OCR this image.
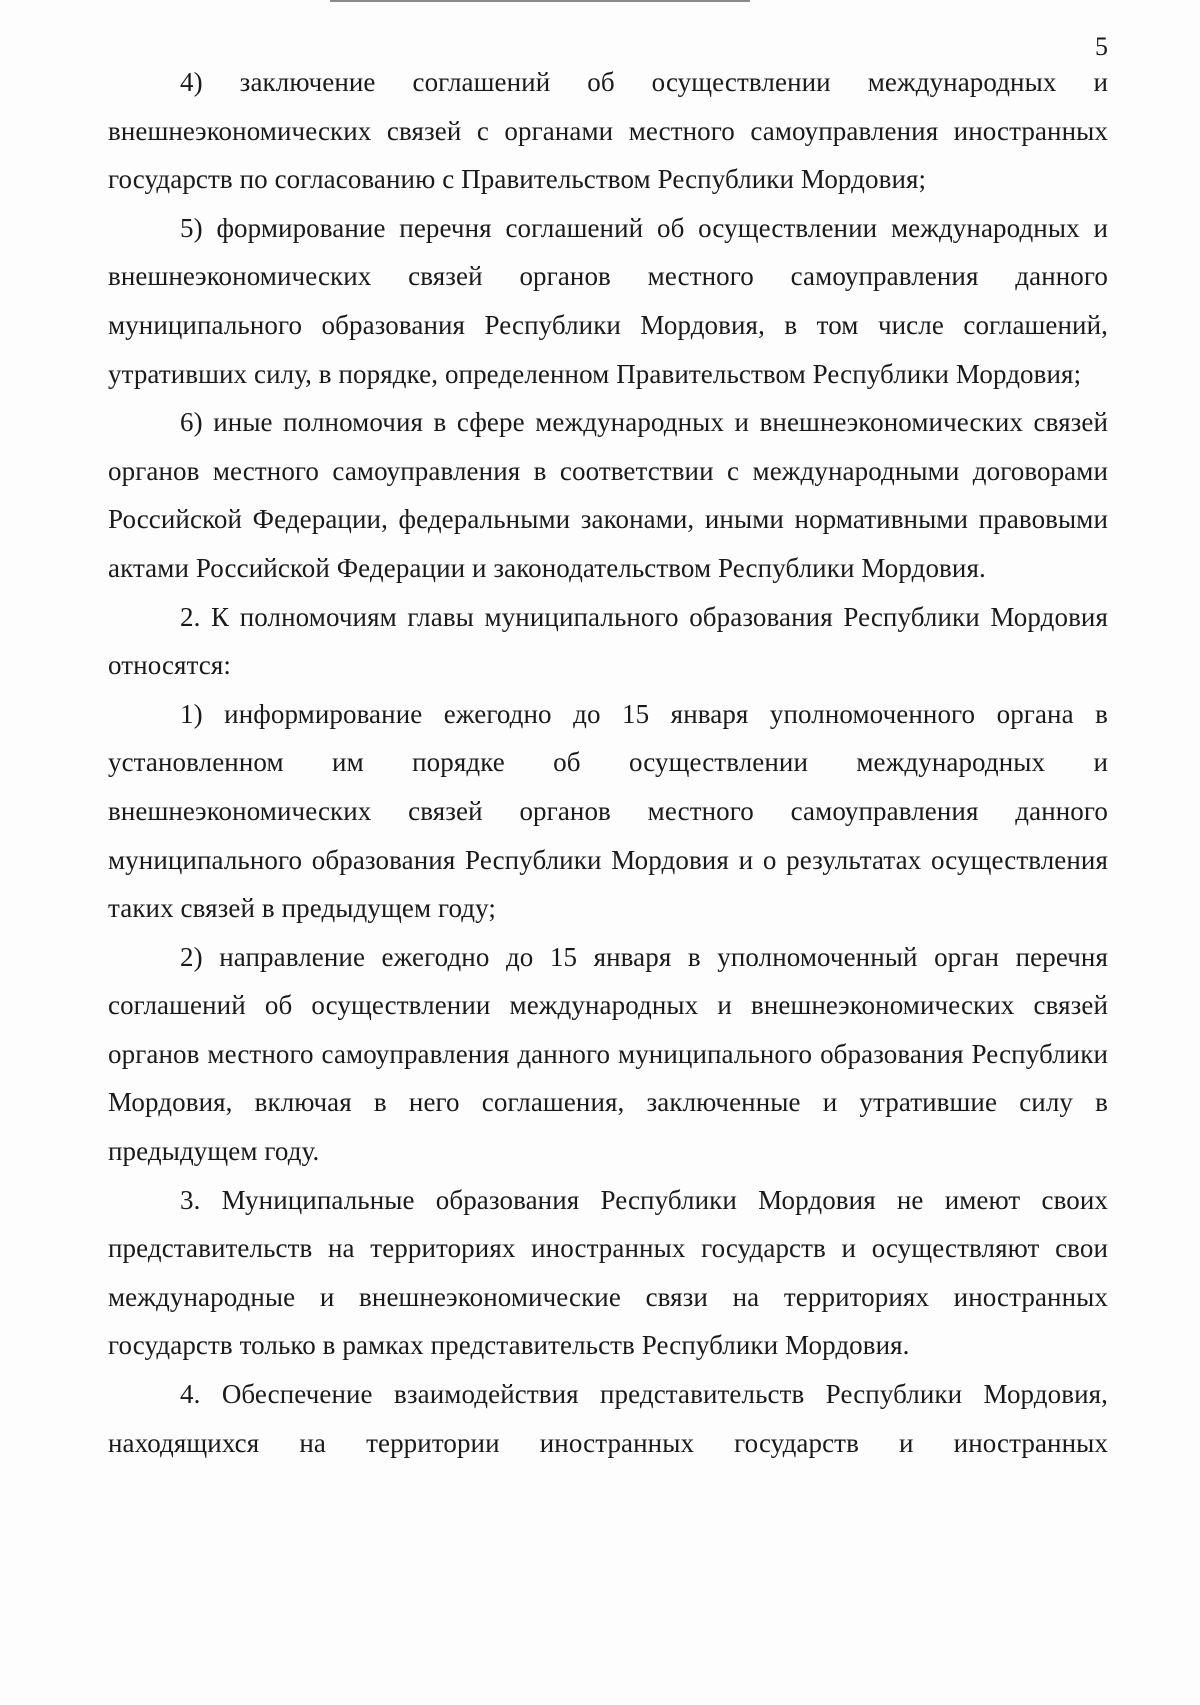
5

4) заключение соглашений об осуществлении международных и внешнеэкономических связей с органами местного самоуправления иностранных государств по согласованию с Правительством Республики Мордовия;

5) формирование перечня соглашений об осуществлении международных и внешнеэкономических связей органов местного самоуправления данного муниципального образования Республики Мордовия, в том числе соглашений, утративших силу, в порядке, определенном Правительством Республики Мордовия;

6) иные полномочия в сфере международных и внешнеэкономических связей органов местного самоуправления в соответствии с международными договорами Российской Федерации, федеральными законами, иными нормативными правовыми актами Российской Федерации и законодательством Республики Мордовия.

2. К полномочиям главы муниципального образования Республики Мордовия относятся:

1) информирование ежегодно до 15 января уполномоченного органа в установленном им порядке об осуществлении международных и внешнеэкономических связей органов местного самоуправления данного муниципального образования Республики Мордовия и о результатах осуществления таких связей в предыдущем году;

2) направление ежегодно до 15 января в уполномоченный орган перечня соглашений об осуществлении международных и внешнеэкономических связей органов местного самоуправления данного муниципального образования Республики Мордовия, включая в него соглашения, заключенные и утратившие силу в предыдущем году.

3. Муниципальные образования Республики Мордовия не имеют своих представительств на территориях иностранных государств и осуществляют свои международные и внешнеэкономические связи на территориях иностранных государств только в рамках представительств Республики Мордовия.

4. Обеспечение взаимодействия представительств Республики Мордовия, находящихся на территории иностранных государств и иностранных
